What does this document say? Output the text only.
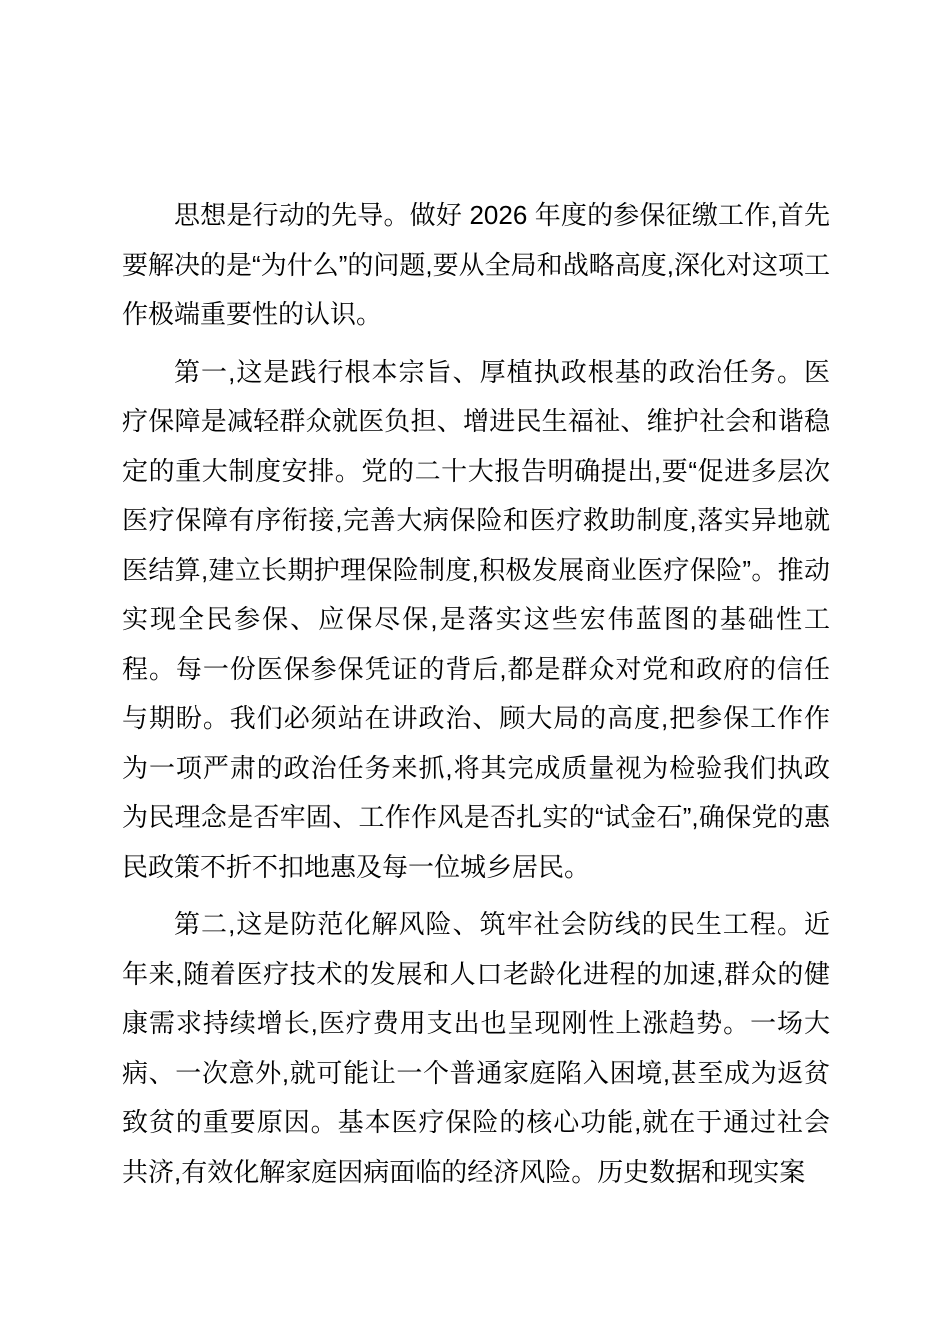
思想是行动的先导。做好 2026 年度的参保征缴工作,首先要解决的是“为什么”的问题,要从全局和战略高度,深化对这项工作极端重要性的认识。

第一,这是践行根本宗旨、厚植执政根基的政治任务。医疗保障是减轻群众就医负担、增进民生福祉、维护社会和谐稳定的重大制度安排。党的二十大报告明确提出,要“促进多层次医疗保障有序衔接,完善大病保险和医疗救助制度,落实异地就医结算,建立长期护理保险制度,积极发展商业医疗保险”。推动实现全民参保、应保尽保,是落实这些宏伟蓝图的基础性工程。每一份医保参保凭证的背后,都是群众对党和政府的信任与期盼。我们必须站在讲政治、顾大局的高度,把参保工作作为一项严肃的政治任务来抓,将其完成质量视为检验我们执政为民理念是否牢固、工作作风是否扎实的“试金石”,确保党的惠民政策不折不扣地惠及每一位城乡居民。

第二,这是防范化解风险、筑牢社会防线的民生工程。近年来,随着医疗技术的发展和人口老龄化进程的加速,群众的健康需求持续增长,医疗费用支出也呈现刚性上涨趋势。一场大病、一次意外,就可能让一个普通家庭陷入困境,甚至成为返贫致贫的重要原因。基本医疗保险的核心功能,就在于通过社会共济,有效化解家庭因病面临的经济风险。历史数据和现实案
